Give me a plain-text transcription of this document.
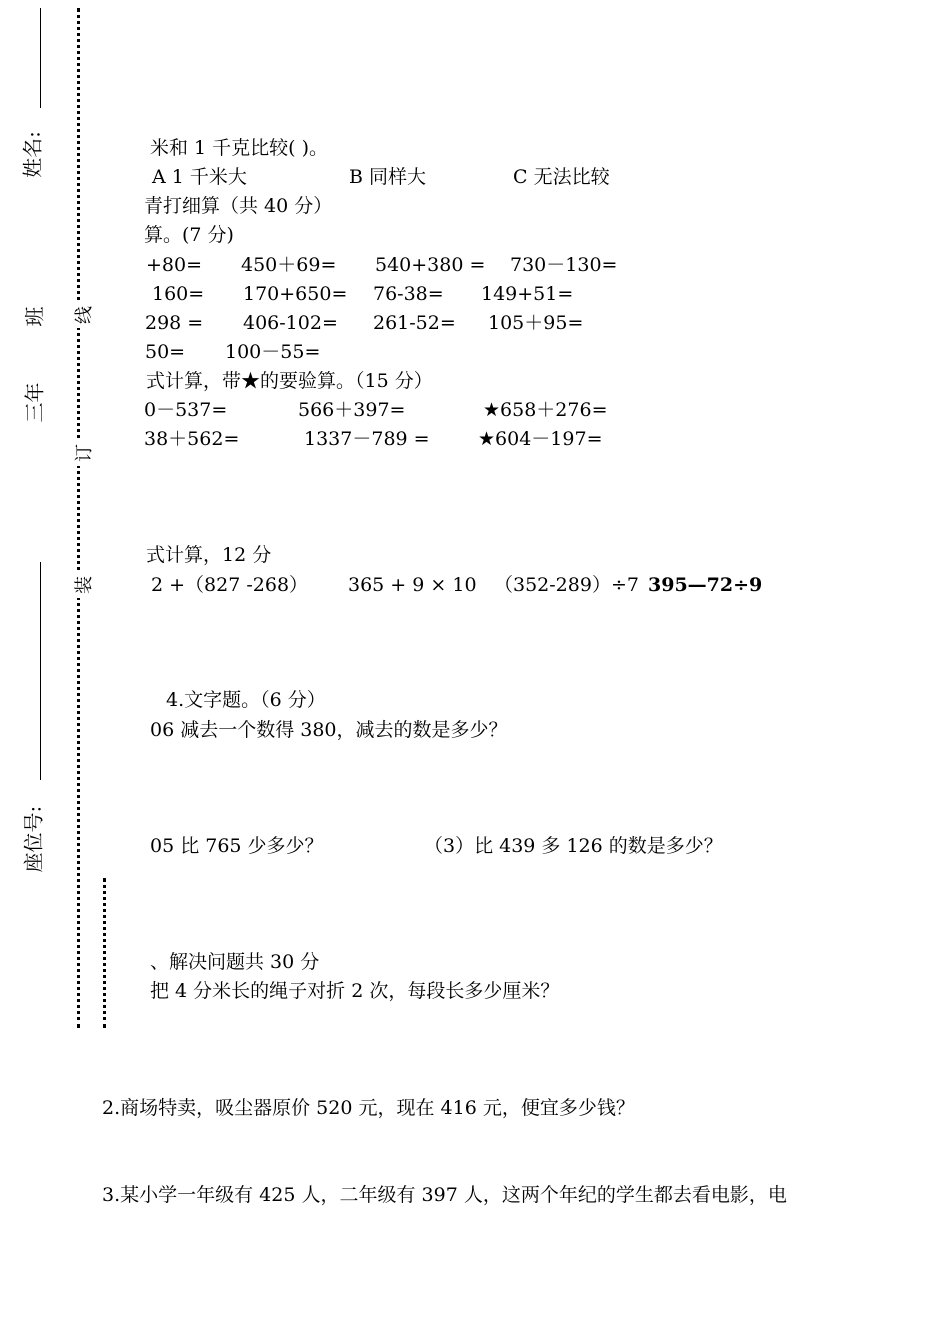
姓名:
三年
班
座位号:
线
订
装
米和 1 千克比较( )。
A 1 千米大	B 同样大	C 无法比较
青打细算（共 40 分）
算。(7 分)
+80= 450＋69= 540+380 = 730－130=
160= 170+650= 76-38= 149+51=
298 = 406-102= 261-52= 105＋95=
50= 100－55=
式计算，带★的要验算。（15 分）
0－537=	566＋397=	★658＋276=
38＋562=	1337－789 =	★604－197=
式计算，12 分
2 +（827 -268） 365 + 9 × 10 （352-289）÷7 395—72÷9
4.文字题。（6 分）
06 减去一个数得 380，减去的数是多少？
05 比 765 少多少？	（3）比 439 多 126 的数是多少？
、解决问题共 30 分
把 4 分米长的绳子对折 2 次，每段长多少厘米？
2.商场特卖，吸尘器原价 520 元，现在 416 元，便宜多少钱？
3.某小学一年级有 425 人，二年级有 397 人，这两个年纪的学生都去看电影，电
